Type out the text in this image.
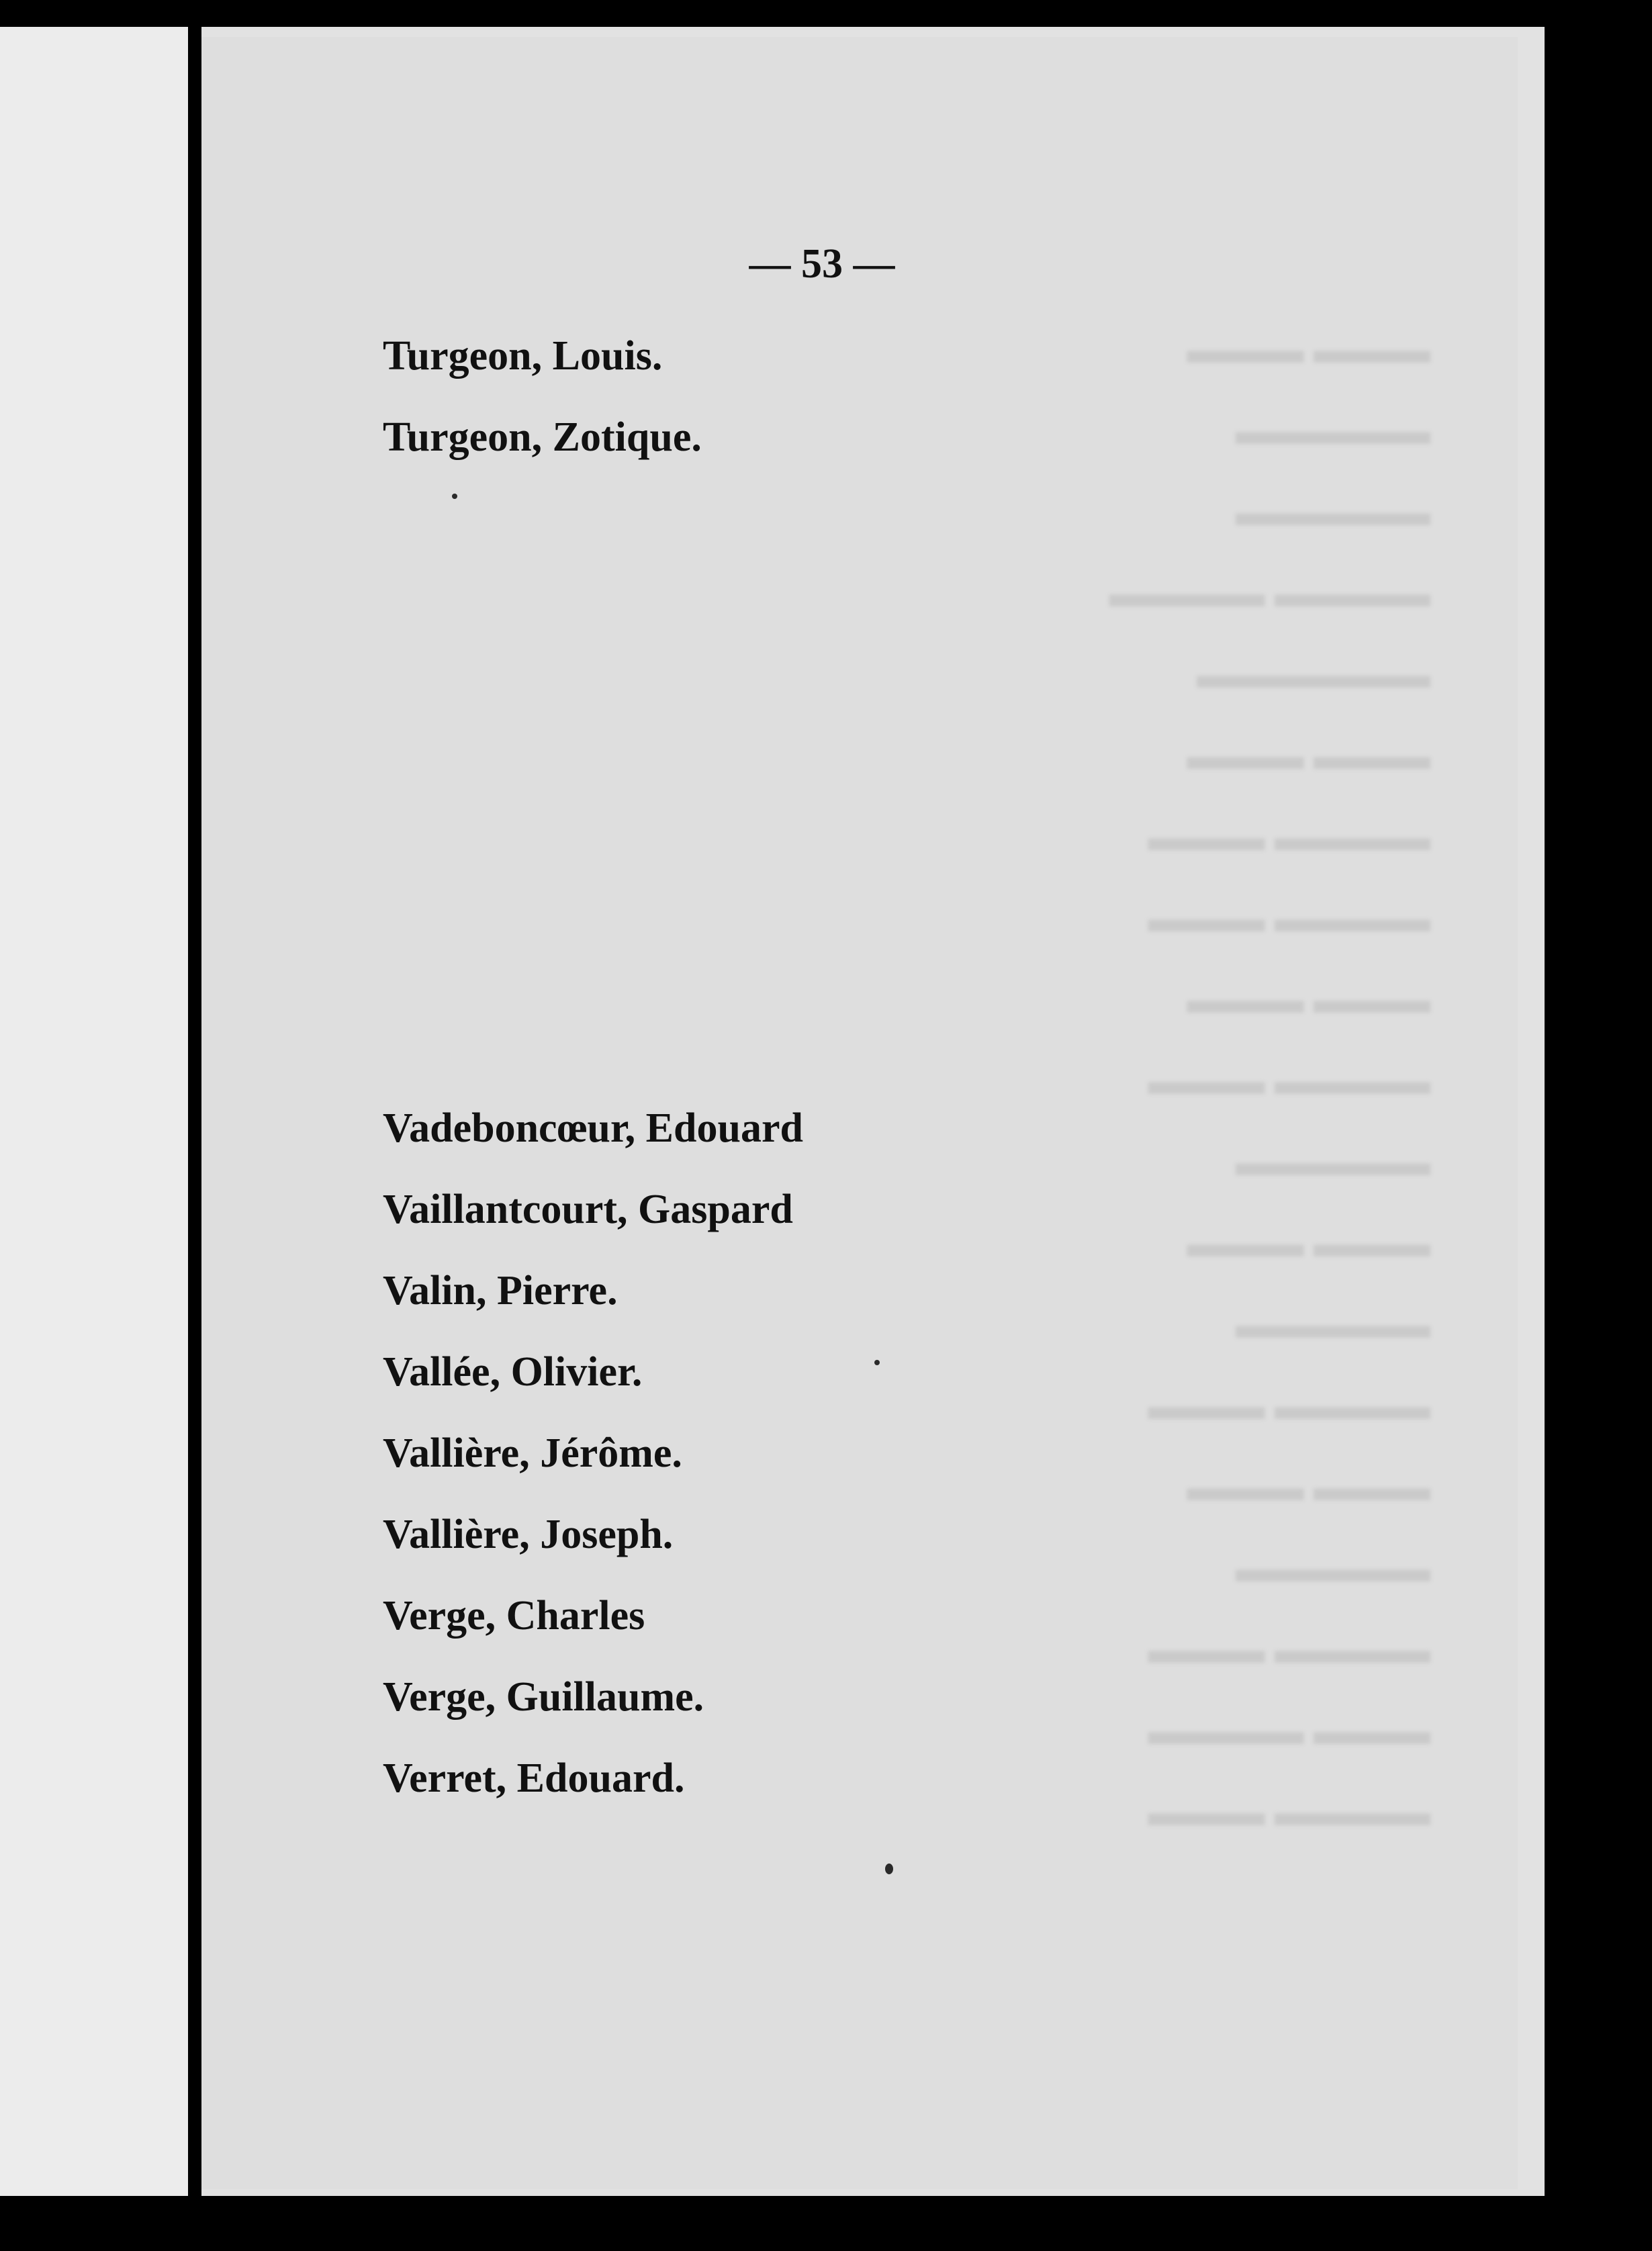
▬▬▬ ▬▬▬
▬▬▬▬▬
▬▬▬▬▬
▬▬▬▬ ▬▬▬▬
▬▬▬▬▬▬
▬▬▬ ▬▬▬
▬▬▬ ▬▬▬▬
▬▬▬ ▬▬▬▬
▬▬▬ ▬▬▬
▬▬▬ ▬▬▬▬
▬▬▬▬▬
▬▬▬ ▬▬▬
▬▬▬▬▬
▬▬▬ ▬▬▬▬
▬▬▬ ▬▬▬
▬▬▬▬▬
▬▬▬ ▬▬▬▬
▬▬▬▬ ▬▬▬
▬▬▬ ▬▬▬▬
— 53 —
Turgeon, Louis.
Turgeon, Zotique.
Vadeboncœur, Edouard
Vaillantcourt, Gaspard
Valin, Pierre.
Vallée, Olivier.
Vallière, Jérôme.
Vallière, Joseph.
Verge, Charles
Verge, Guillaume.
Verret, Edouard.
